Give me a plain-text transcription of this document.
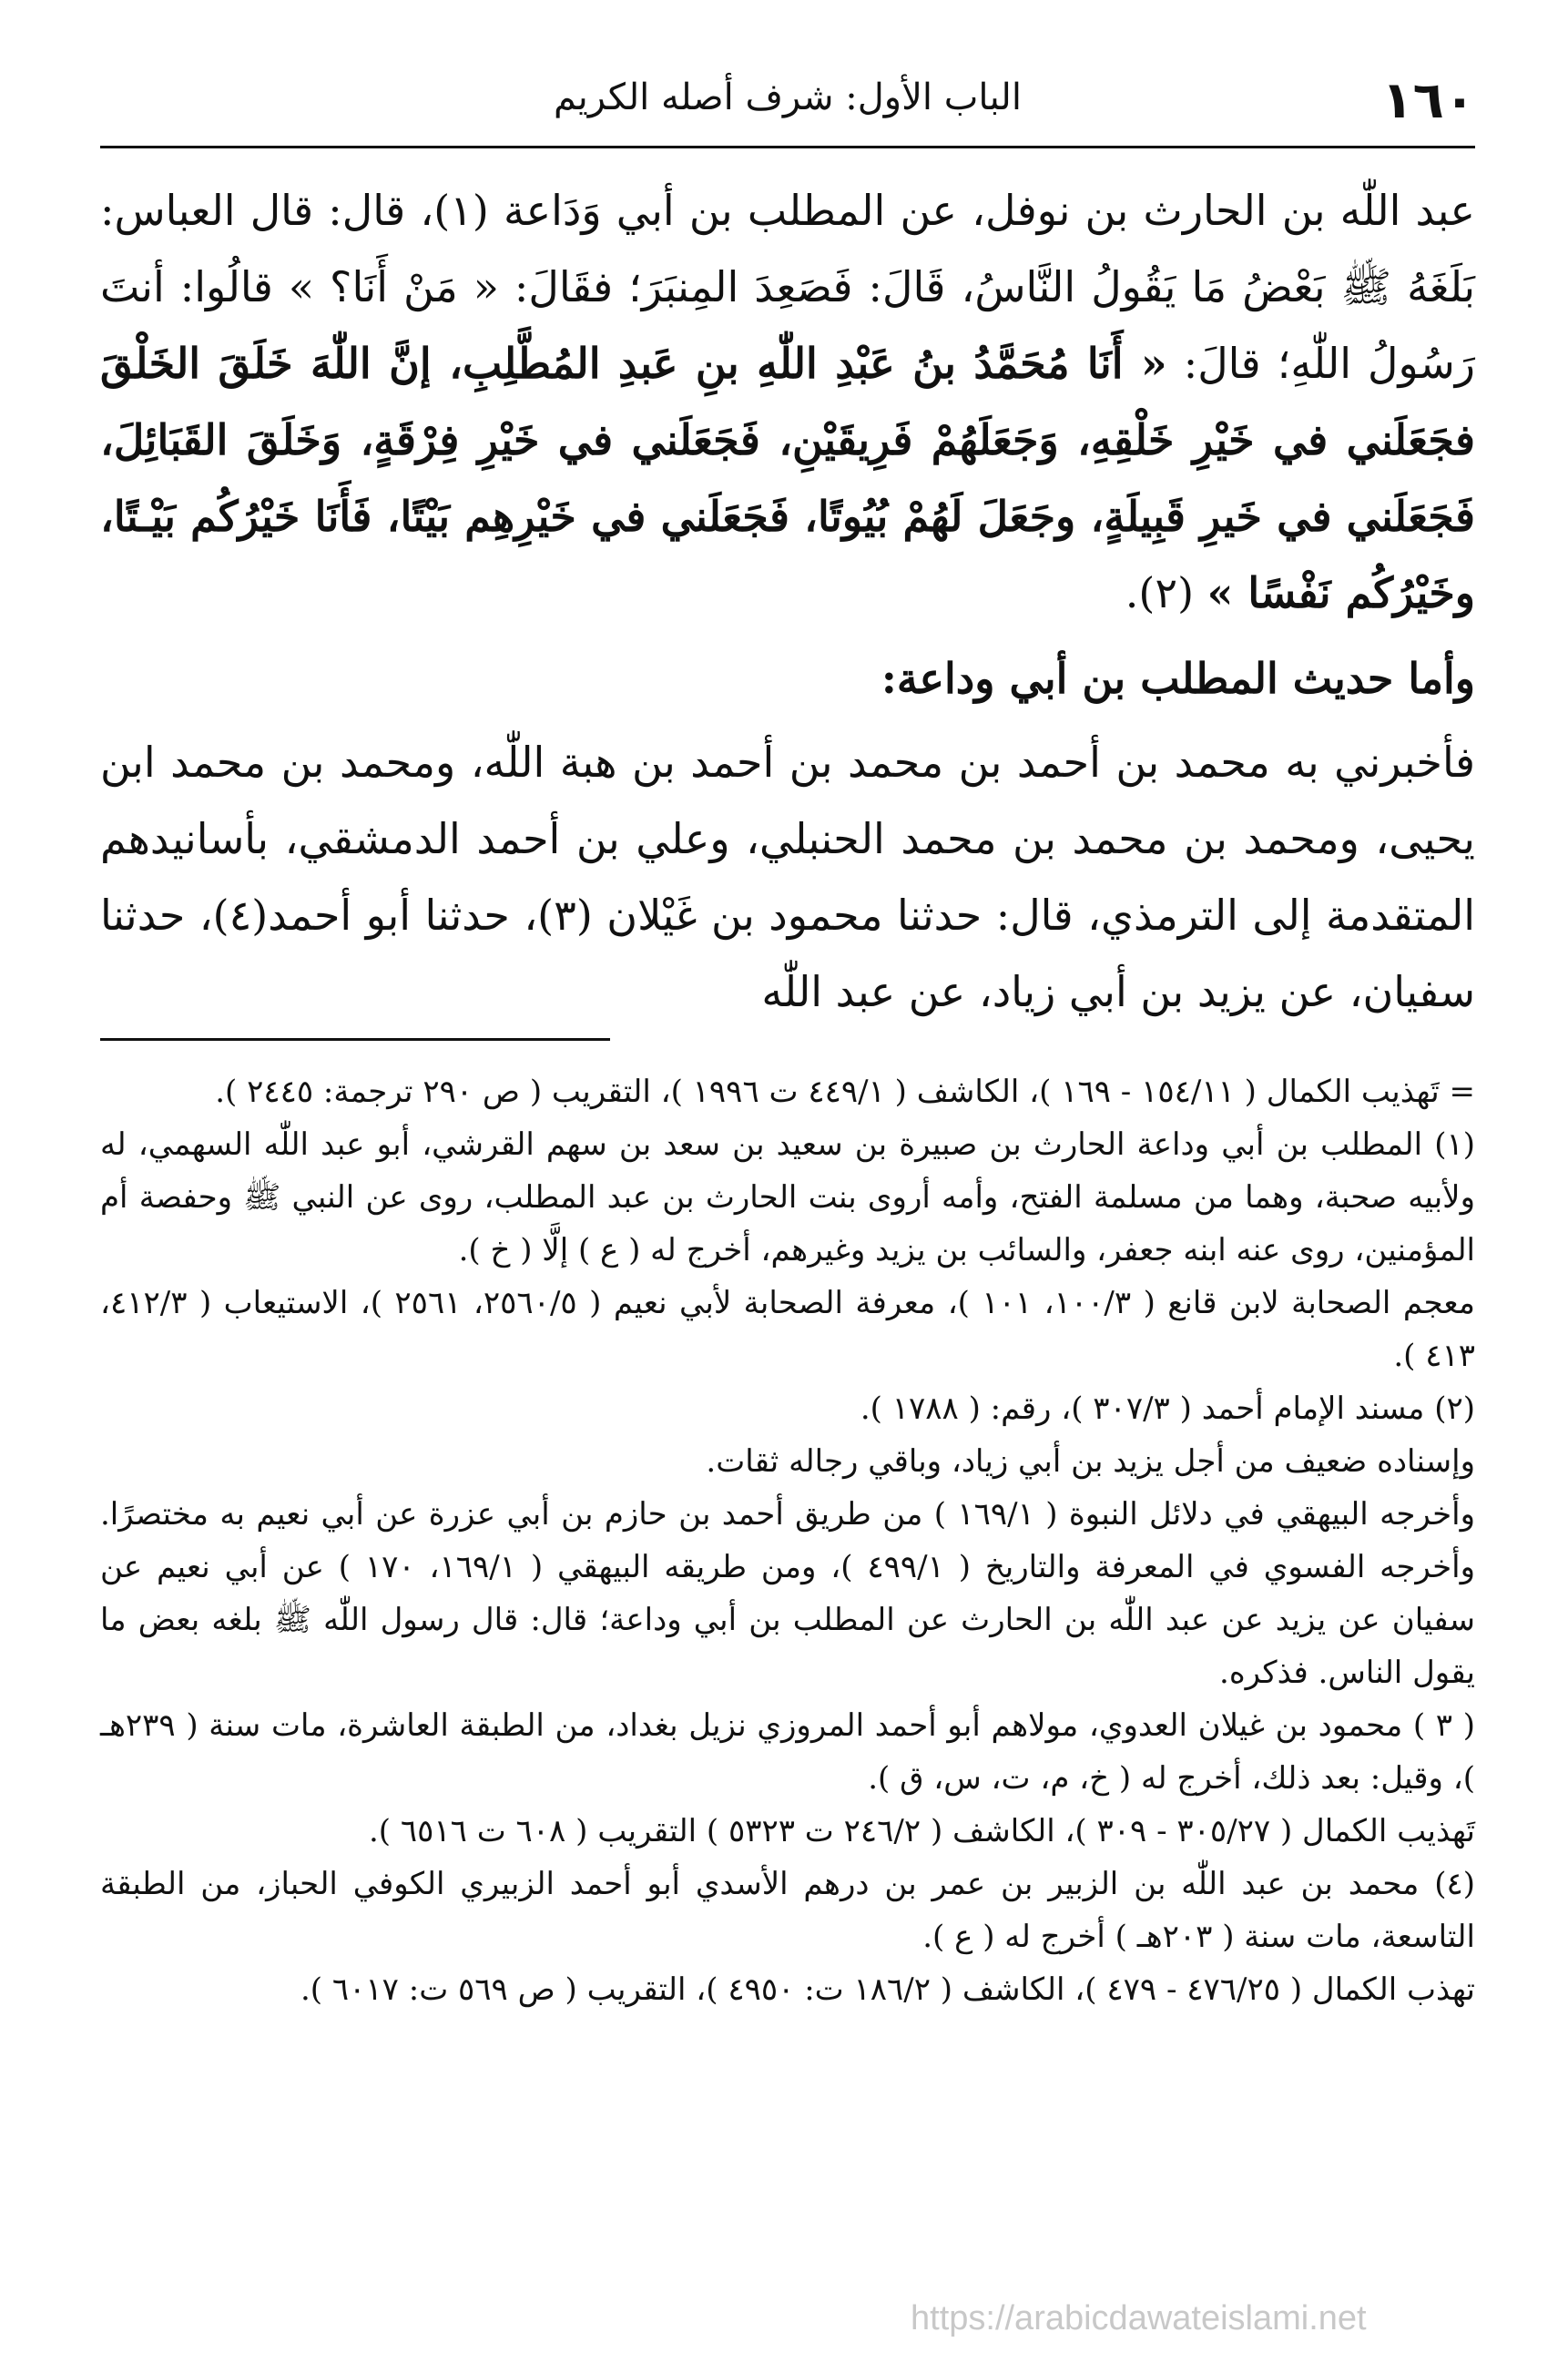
١٦٠
الباب الأول: شرف أصله الكريم

عبد اللّٰه بن الحارث بن نوفل، عن المطلب بن أبي وَدَاعة (١)، قال: قال العباس: بَلَغَهُ ﷺ بَعْضُ مَا يَقُولُ النَّاسُ، قَالَ: فَصَعِدَ المِنبَرَ؛ فقَالَ: « مَنْ أَنَا؟ » قالُوا: أنتَ رَسُولُ اللّٰهِ؛ قالَ: « أَنَا مُحَمَّدُ بنُ عَبْدِ اللّٰهِ بنِ عَبدِ المُطَّلِبِ، إنَّ اللّٰهَ خَلَقَ الخَلْقَ فجَعَلَني في خَيْرِ خَلْقِهِ، وَجَعَلَهُمْ فَرِيقَيْنِ، فَجَعَلَني في خَيْرِ فِرْقَةٍ، وَخَلَقَ القَبَائِلَ، فَجَعَلَني في خَيرِ قَبِيلَةٍ، وجَعَلَ لَهُمْ بُيُوتًا، فَجَعَلَني في خَيْرِهِم بَيْتًا، فَأَنَا خَيْرُكُم بَيْـتًا، وخَيْرُكُم نَفْسًا » (٢).

وأما حديث المطلب بن أبي وداعة:

فأخبرني به محمد بن أحمد بن محمد بن أحمد بن هبة اللّٰه، ومحمد بن محمد ابن يحيى، ومحمد بن محمد بن محمد الحنبلي، وعلي بن أحمد الدمشقي، بأسانيدهم المتقدمة إلى الترمذي، قال: حدثنا محمود بن غَيْلان (٣)، حدثنا أبو أحمد(٤)، حدثنا سفيان، عن يزيد بن أبي زياد، عن عبد اللّٰه

= تَهذيب الكمال ( ١٥٤/١١ - ١٦٩ )، الكاشف ( ٤٤٩/١ ت ١٩٩٦ )، التقريب ( ص ٢٩٠ ترجمة: ٢٤٤٥ ).

(١) المطلب بن أبي وداعة الحارث بن صبيرة بن سعيد بن سعد بن سهم القرشي، أبو عبد اللّٰه السهمي، له ولأبيه صحبة، وهما من مسلمة الفتح، وأمه أروى بنت الحارث بن عبد المطلب، روى عن النبي ﷺ وحفصة أم المؤمنين، روى عنه ابنه جعفر، والسائب بن يزيد وغيرهم، أخرج له ( ع ) إلَّا ( خ ).

معجم الصحابة لابن قانع ( ١٠٠/٣، ١٠١ )، معرفة الصحابة لأبي نعيم ( ٢٥٦٠/٥، ٢٥٦١ )، الاستيعاب ( ٤١٢/٣، ٤١٣ ).

(٢) مسند الإمام أحمد ( ٣٠٧/٣ )، رقم: ( ١٧٨٨ ).

وإسناده ضعيف من أجل يزيد بن أبي زياد، وباقي رجاله ثقات.

وأخرجه البيهقي في دلائل النبوة ( ١٦٩/١ ) من طريق أحمد بن حازم بن أبي عزرة عن أبي نعيم به مختصرًا. وأخرجه الفسوي في المعرفة والتاريخ ( ٤٩٩/١ )، ومن طريقه البيهقي ( ١٦٩/١، ١٧٠ ) عن أبي نعيم عن سفيان عن يزيد عن عبد اللّٰه بن الحارث عن المطلب بن أبي وداعة؛ قال: قال رسول اللّٰه ﷺ بلغه بعض ما يقول الناس. فذكره.

( ٣ ) محمود بن غيلان العدوي، مولاهم أبو أحمد المروزي نزيل بغداد، من الطبقة العاشرة، مات سنة ( ٢٣٩هـ )، وقيل: بعد ذلك، أخرج له ( خ، م، ت، س، ق ).

تَهذيب الكمال ( ٣٠٥/٢٧ - ٣٠٩ )، الكاشف ( ٢٤٦/٢ ت ٥٣٢٣ ) التقريب ( ٦٠٨ ت ٦٥١٦ ).

(٤) محمد بن عبد اللّٰه بن الزبير بن عمر بن درهم الأسدي أبو أحمد الزبيري الكوفي الحباز، من الطبقة التاسعة، مات سنة ( ٢٠٣هـ ) أخرج له ( ع ).

تهذب الكمال ( ٤٧٦/٢٥ - ٤٧٩ )، الكاشف ( ١٨٦/٢ ت: ٤٩٥٠ )، التقريب ( ص ٥٦٩ ت: ٦٠١٧ ).

https://arabicdawateislami.net
